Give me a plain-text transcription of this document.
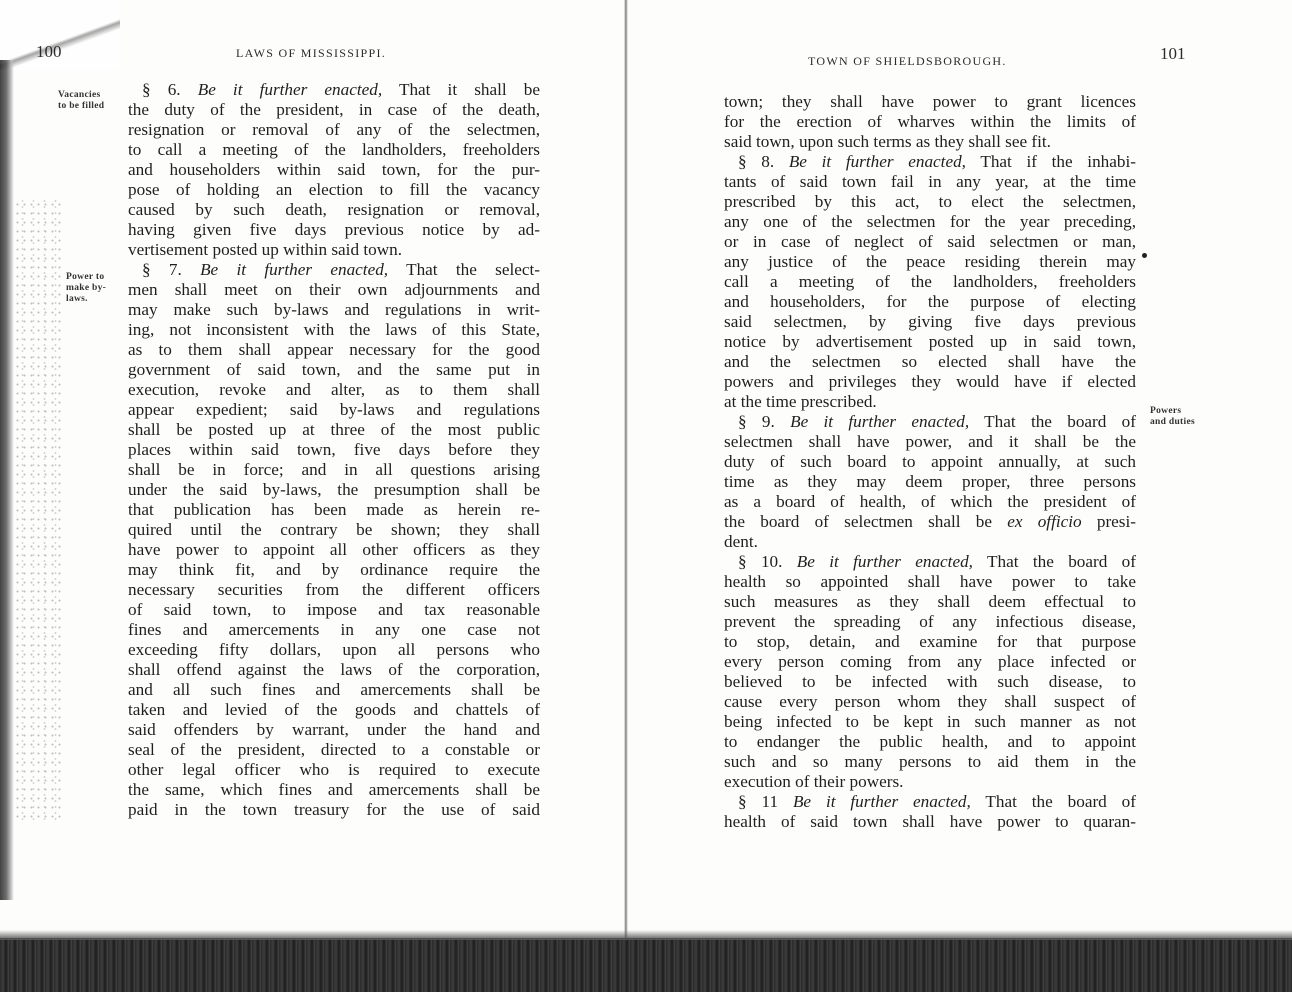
100	LAWS OF MISSISSIPPI.
Vacancies
to be filled
Power to
make by-
laws.
§ 6. Be it further enacted, That it shall be
the duty of the president, in case of the death,
resignation or removal of any of the selectmen,
to call a meeting of the landholders, freeholders
and householders within said town, for the pur-
pose of holding an election to fill the vacancy
caused by such death, resignation or removal,
having given five days previous notice by ad-
vertisement posted up within said town.
§ 7. Be it further enacted, That the select-
men shall meet on their own adjournments and
may make such by-laws and regulations in writ-
ing, not inconsistent with the laws of this State,
as to them shall appear necessary for the good
government of said town, and the same put in
execution, revoke and alter, as to them shall
appear expedient; said by-laws and regulations
shall be posted up at three of the most public
places within said town, five days before they
shall be in force; and in all questions arising
under the said by-laws, the presumption shall be
that publication has been made as herein re-
quired until the contrary be shown; they shall
have power to appoint all other officers as they
may think fit, and by ordinance require the
necessary securities from the different officers
of said town, to impose and tax reasonable
fines and amercements in any one case not
exceeding fifty dollars, upon all persons who
shall offend against the laws of the corporation,
and all such fines and amercements shall be
taken and levied of the goods and chattels of
said offenders by warrant, under the hand and
seal of the president, directed to a constable or
other legal officer who is required to execute
the same, which fines and amercements shall be
paid in the town treasury for the use of said
TOWN OF SHIELDSBOROUGH.	101
Powers
and duties
town; they shall have power to grant licences
for the erection of wharves within the limits of
said town, upon such terms as they shall see fit.
§ 8. Be it further enacted, That if the inhabi-
tants of said town fail in any year, at the time
prescribed by this act, to elect the selectmen,
any one of the selectmen for the year preceding,
or in case of neglect of said selectmen or man,
any justice of the peace residing therein may
call a meeting of the landholders, freeholders
and householders, for the purpose of electing
said selectmen, by giving five days previous
notice by advertisement posted up in said town,
and the selectmen so elected shall have the
powers and privileges they would have if elected
at the time prescribed.
§ 9. Be it further enacted, That the board of
selectmen shall have power, and it shall be the
duty of such board to appoint annually, at such
time as they may deem proper, three persons
as a board of health, of which the president of
the board of selectmen shall be ex officio presi-
dent.
§ 10. Be it further enacted, That the board of
health so appointed shall have power to take
such measures as they shall deem effectual to
prevent the spreading of any infectious disease,
to stop, detain, and examine for that purpose
every person coming from any place infected or
believed to be infected with such disease, to
cause every person whom they shall suspect of
being infected to be kept in such manner as not
to endanger the public health, and to appoint
such and so many persons to aid them in the
execution of their powers.
§ 11 Be it further enacted, That the board of
health of said town shall have power to quaran-
